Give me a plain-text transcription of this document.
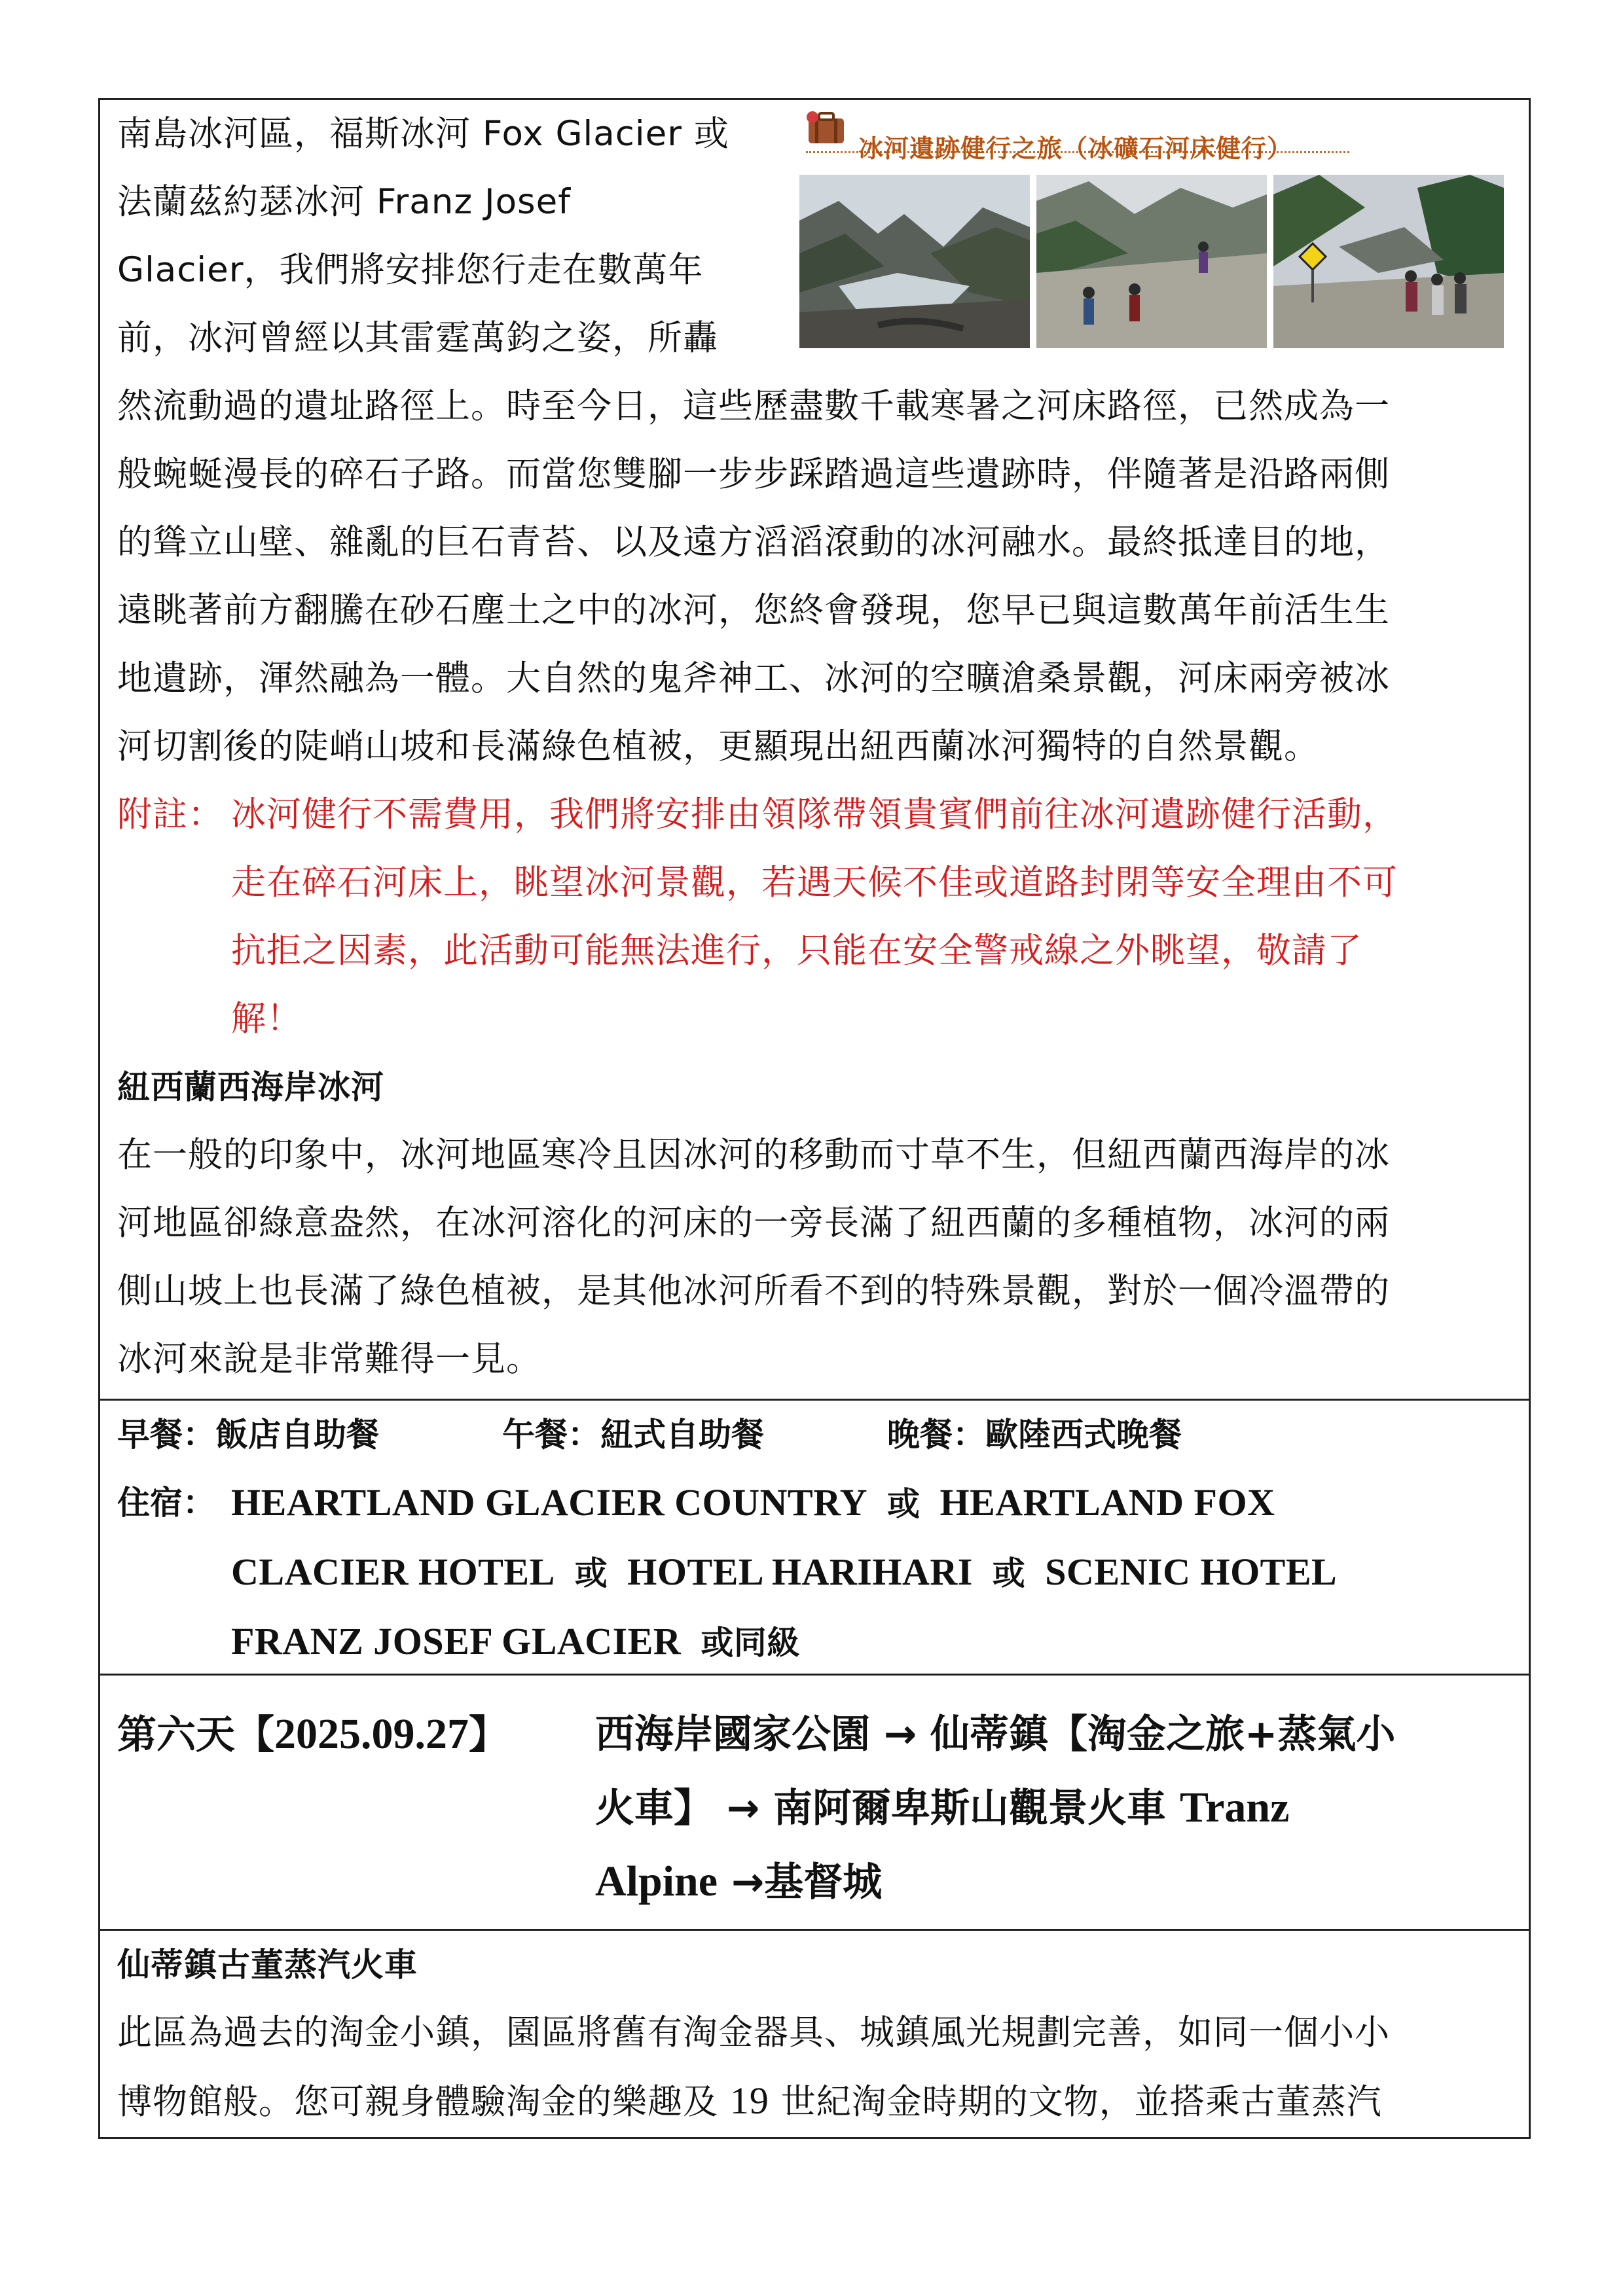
冰河遺跡健行之旅（冰礦石河床健行）
南島冰河區，福斯冰河 Fox Glacier 或
法蘭茲約瑟冰河 Franz Josef
Glacier，我們將安排您行走在數萬年
前，冰河曾經以其雷霆萬鈞之姿，所轟
然流動過的遺址路徑上。時至今日，這些歷盡數千載寒暑之河床路徑，已然成為一
般蜿蜒漫長的碎石子路。而當您雙腳一步步踩踏過這些遺跡時，伴隨著是沿路兩側
的聳立山壁、雜亂的巨石青苔、以及遠方滔滔滾動的冰河融水。最終抵達目的地，
遠眺著前方翻騰在砂石塵土之中的冰河，您終會發現，您早已與這數萬年前活生生
地遺跡，渾然融為一體。大自然的鬼斧神工、冰河的空曠滄桑景觀，河床兩旁被冰
河切割後的陡峭山坡和長滿綠色植被，更顯現出紐西蘭冰河獨特的自然景觀。
附註： 冰河健行不需費用，我們將安排由領隊帶領貴賓們前往冰河遺跡健行活動，
走在碎石河床上，眺望冰河景觀，若遇天候不佳或道路封閉等安全理由不可
抗拒之因素，此活動可能無法進行，只能在安全警戒線之外眺望，敬請了
解！
紐西蘭西海岸冰河
在一般的印象中，冰河地區寒冷且因冰河的移動而寸草不生，但紐西蘭西海岸的冰
河地區卻綠意盎然，在冰河溶化的河床的一旁長滿了紐西蘭的多種植物，冰河的兩
側山坡上也長滿了綠色植被，是其他冰河所看不到的特殊景觀，對於一個冷溫帶的
冰河來說是非常難得一見。
早餐：飯店自助餐	午餐：紐式自助餐	晚餐：歐陸西式晚餐
住宿： HEARTLAND GLACIER COUNTRY 或 HEARTLAND FOX
CLACIER HOTEL 或 HOTEL HARIHARI 或 SCENIC HOTEL
FRANZ JOSEF GLACIER 或同級
第六天【2025.09.27】	西海岸國家公園 → 仙蒂鎮【淘金之旅+蒸氣小
火車】 → 南阿爾卑斯山觀景火車 Tranz
Alpine →基督城
仙蒂鎮古董蒸汽火車
此區為過去的淘金小鎮，園區將舊有淘金器具、城鎮風光規劃完善，如同一個小小
博物館般。您可親身體驗淘金的樂趣及 19 世紀淘金時期的文物，並搭乘古董蒸汽
